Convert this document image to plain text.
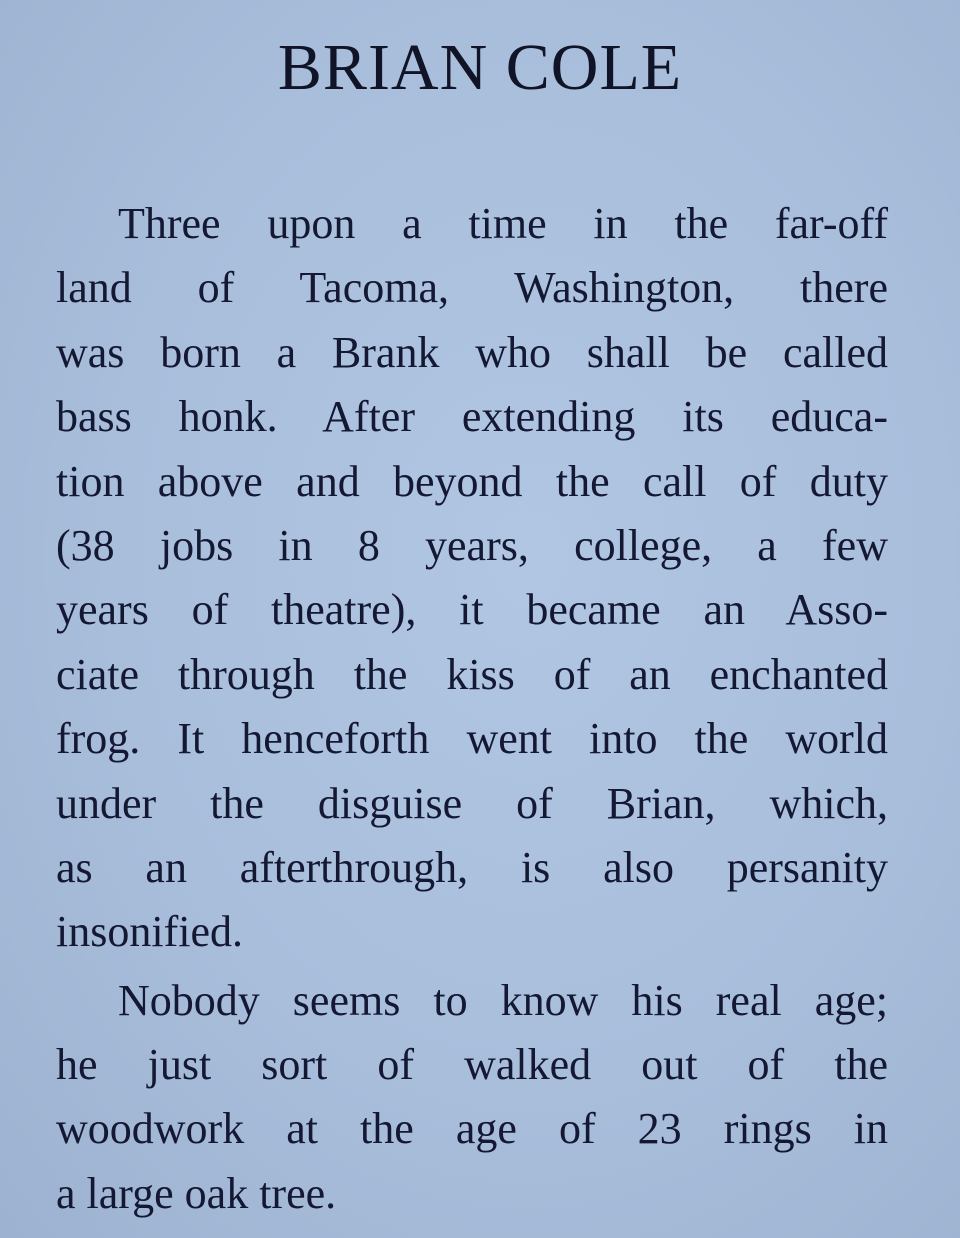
BRIAN COLE
Three upon a time in the far-off
land of Tacoma, Washington, there
was born a Brank who shall be called
bass honk. After extending its educa-
tion above and beyond the call of duty
(38 jobs in 8 years, college, a few
years of theatre), it became an Asso-
ciate through the kiss of an enchanted
frog. It henceforth went into the world
under the disguise of Brian, which,
as an afterthrough, is also persanity
insonified.
Nobody seems to know his real age;
he just sort of walked out of the
woodwork at the age of 23 rings in
a large oak tree.
